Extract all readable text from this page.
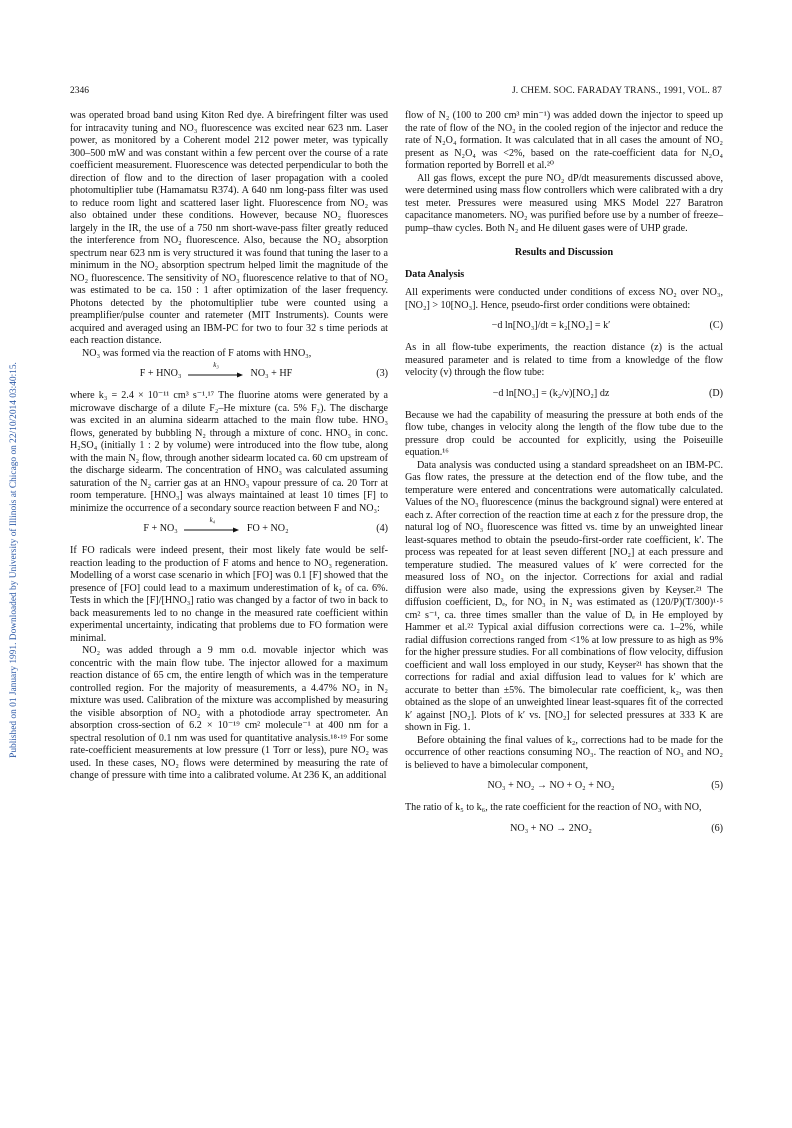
Published on 01 January 1991. Downloaded by University of Illinois at Chicago on 22/10/2014 03:40:15.
2346	J. CHEM. SOC. FARADAY TRANS., 1991, VOL. 87

was operated broad band using Kiton Red dye. A birefringent filter was used for intracavity tuning and NO₃ fluorescence was excited near 623 nm. Laser power, as monitored by a Coherent model 212 power meter, was typically 300–500 mW and was constant within a few percent over the course of a rate coefficient measurement. Fluorescence was detected perpendicular to both the direction of flow and to the direction of laser propagation with a cooled photomultiplier tube (Hamamatsu R374). A 640 nm long-pass filter was used to reduce room light and scattered laser light. Fluorescence from NO₂ was also obtained under these conditions. However, because NO₂ fluoresces largely in the IR, the use of a 750 nm short-wave-pass filter greatly reduced the interference from NO₂ fluorescence. Also, because the NO₂ absorption spectrum near 623 nm is very structured it was found that tuning the laser to a minimum in the NO₂ absorption spectrum helped limit the magnitude of the NO₂ fluorescence. The sensitivity of NO₃ fluorescence relative to that of NO₂ was estimated to be ca. 150 : 1 after optimization of the laser frequency. Photons detected by the photomultiplier tube were counted using a preamplifier/pulse counter and ratemeter (MIT Instruments). Counts were acquired and averaged using an IBM-PC for two to four 32 s time periods at each reaction distance.

NO₃ was formed via the reaction of F atoms with HNO₃,

F + HNO₃
k₃
NO₃ + HF	(3)

where k₃ = 2.4 × 10⁻¹¹ cm³ s⁻¹.¹⁷ The fluorine atoms were generated by a microwave discharge of a dilute F₂–He mixture (ca. 5% F₂). The discharge was excited in an alumina sidearm attached to the main flow tube. HNO₃ flows, generated by bubbling N₂ through a mixture of conc. HNO₃ in conc. H₂SO₄ (initially 1 : 2 by volume) were introduced into the flow tube, along with the main N₂ flow, through another sidearm located ca. 60 cm upstream of the discharge sidearm. The concentration of HNO₃ was calculated assuming saturation of the N₂ carrier gas at an HNO₃ vapour pressure of ca. 20 Torr at room temperature. [HNO₃] was always maintained at least 10 times [F] to minimize the occurrence of a secondary source reaction between F and NO₃:

F + NO₃
k₄
FO + NO₂	(4)

If FO radicals were indeed present, their most likely fate would be self-reaction leading to the production of F atoms and hence to NO₃ regeneration. Modelling of a worst case scenario in which [FO] was 0.1 [F] showed that the presence of [FO] could lead to a maximum underestimation of k₂ of ca. 6%. Tests in which the [F]/[HNO₃] ratio was changed by a factor of two in back to back measurements led to no change in the measured rate coefficient within experimental uncertainty, indicating that problems due to FO formation were minimal.

NO₂ was added through a 9 mm o.d. movable injector which was concentric with the main flow tube. The injector allowed for a maximum reaction distance of 65 cm, the entire length of which was in the temperature controlled region. For the majority of measurements, a 4.47% NO₂ in N₂ mixture was used. Calibration of the mixture was accomplished by measuring the visible absorption of NO₂ with a photodiode array spectrometer. An absorption cross-section of 6.2 × 10⁻¹⁹ cm² molecule⁻¹ at 400 nm for a spectral resolution of 0.1 nm was used for quantitative analysis.¹⁸·¹⁹ For some rate-coefficient measurements at low pressure (1 Torr or less), pure NO₂ was used. In these cases, NO₂ flows were determined by measuring the rate of change of pressure with time into a calibrated volume. At 236 K, an additional

flow of N₂ (100 to 200 cm³ min⁻¹) was added down the injector to speed up the rate of flow of the NO₂ in the cooled region of the injector and reduce the rate of N₂O₄ formation. It was calculated that in all cases the amount of NO₂ present as N₂O₄ was <2%, based on the rate-coefficient data for N₂O₄ formation reported by Borrell et al.²⁰

All gas flows, except the pure NO₂ dP/dt measurements discussed above, were determined using mass flow controllers which were calibrated with a dry test meter. Pressures were measured using MKS Model 227 Baratron capacitance manometers. NO₂ was purified before use by a number of freeze–pump–thaw cycles. Both N₂ and He diluent gases were of UHP grade.

Results and Discussion
Data Analysis

All experiments were conducted under conditions of excess NO₂ over NO₃, [NO₂] > 10[NO₃]. Hence, pseudo-first order conditions were obtained:

−d ln[NO₃]/dt = k₂[NO₂] = k′	(C)

As in all flow-tube experiments, the reaction distance (z) is the actual measured parameter and is related to time from a knowledge of the flow velocity (v) through the flow tube:

−d ln[NO₃] = (k₂/v)[NO₂] dz	(D)

Because we had the capability of measuring the pressure at both ends of the flow tube, changes in velocity along the length of the flow tube due to the pressure drop could be accounted for explicitly, using the Poiseuille equation.¹⁶

Data analysis was conducted using a standard spreadsheet on an IBM-PC. Gas flow rates, the pressure at the detection end of the flow tube, and the temperature were entered and concentrations were automatically calculated. Values of the NO₃ fluorescence (minus the background signal) were entered at each z. After correction of the reaction time at each z for the pressure drop, the natural log of NO₃ fluorescence was fitted vs. time by an unweighted linear least-squares method to obtain the pseudo-first-order rate coefficient, k′. The process was repeated for at least seven different [NO₂] at each pressure and temperature studied. The measured values of k′ were corrected for the measured loss of NO₃ on the injector. Corrections for axial and radial diffusion were also made, using the expressions given by Keyser.²¹ The diffusion coefficient, Dₑ, for NO₃ in N₂ was estimated as (120/P)(T/300)¹·⁵ cm² s⁻¹, ca. three times smaller than the value of Dₑ in He employed by Hammer et al.²² Typical axial diffusion corrections were ca. 1–2%, while radial diffusion corrections ranged from <1% at low pressure to as high as 9% for the higher pressure studies. For all combinations of flow velocity, diffusion coefficient and wall loss employed in our study, Keyser²¹ has shown that the corrections for radial and axial diffusion lead to values for k′ which are accurate to better than ±5%. The bimolecular rate coefficient, k₂, was then obtained as the slope of an unweighted linear least-squares fit of the corrected k′ against [NO₂]. Plots of k′ vs. [NO₂] for selected pressures at 333 K are shown in Fig. 1.

Before obtaining the final values of k₂, corrections had to be made for the occurrence of other reactions consuming NO₃. The reaction of NO₃ and NO₂ is believed to have a bimolecular component,

NO₃ + NO₂ → NO + O₂ + NO₂	(5)

The ratio of k₅ to k₆, the rate coefficient for the reaction of NO₃ with NO,

NO₃ + NO → 2NO₂	(6)
